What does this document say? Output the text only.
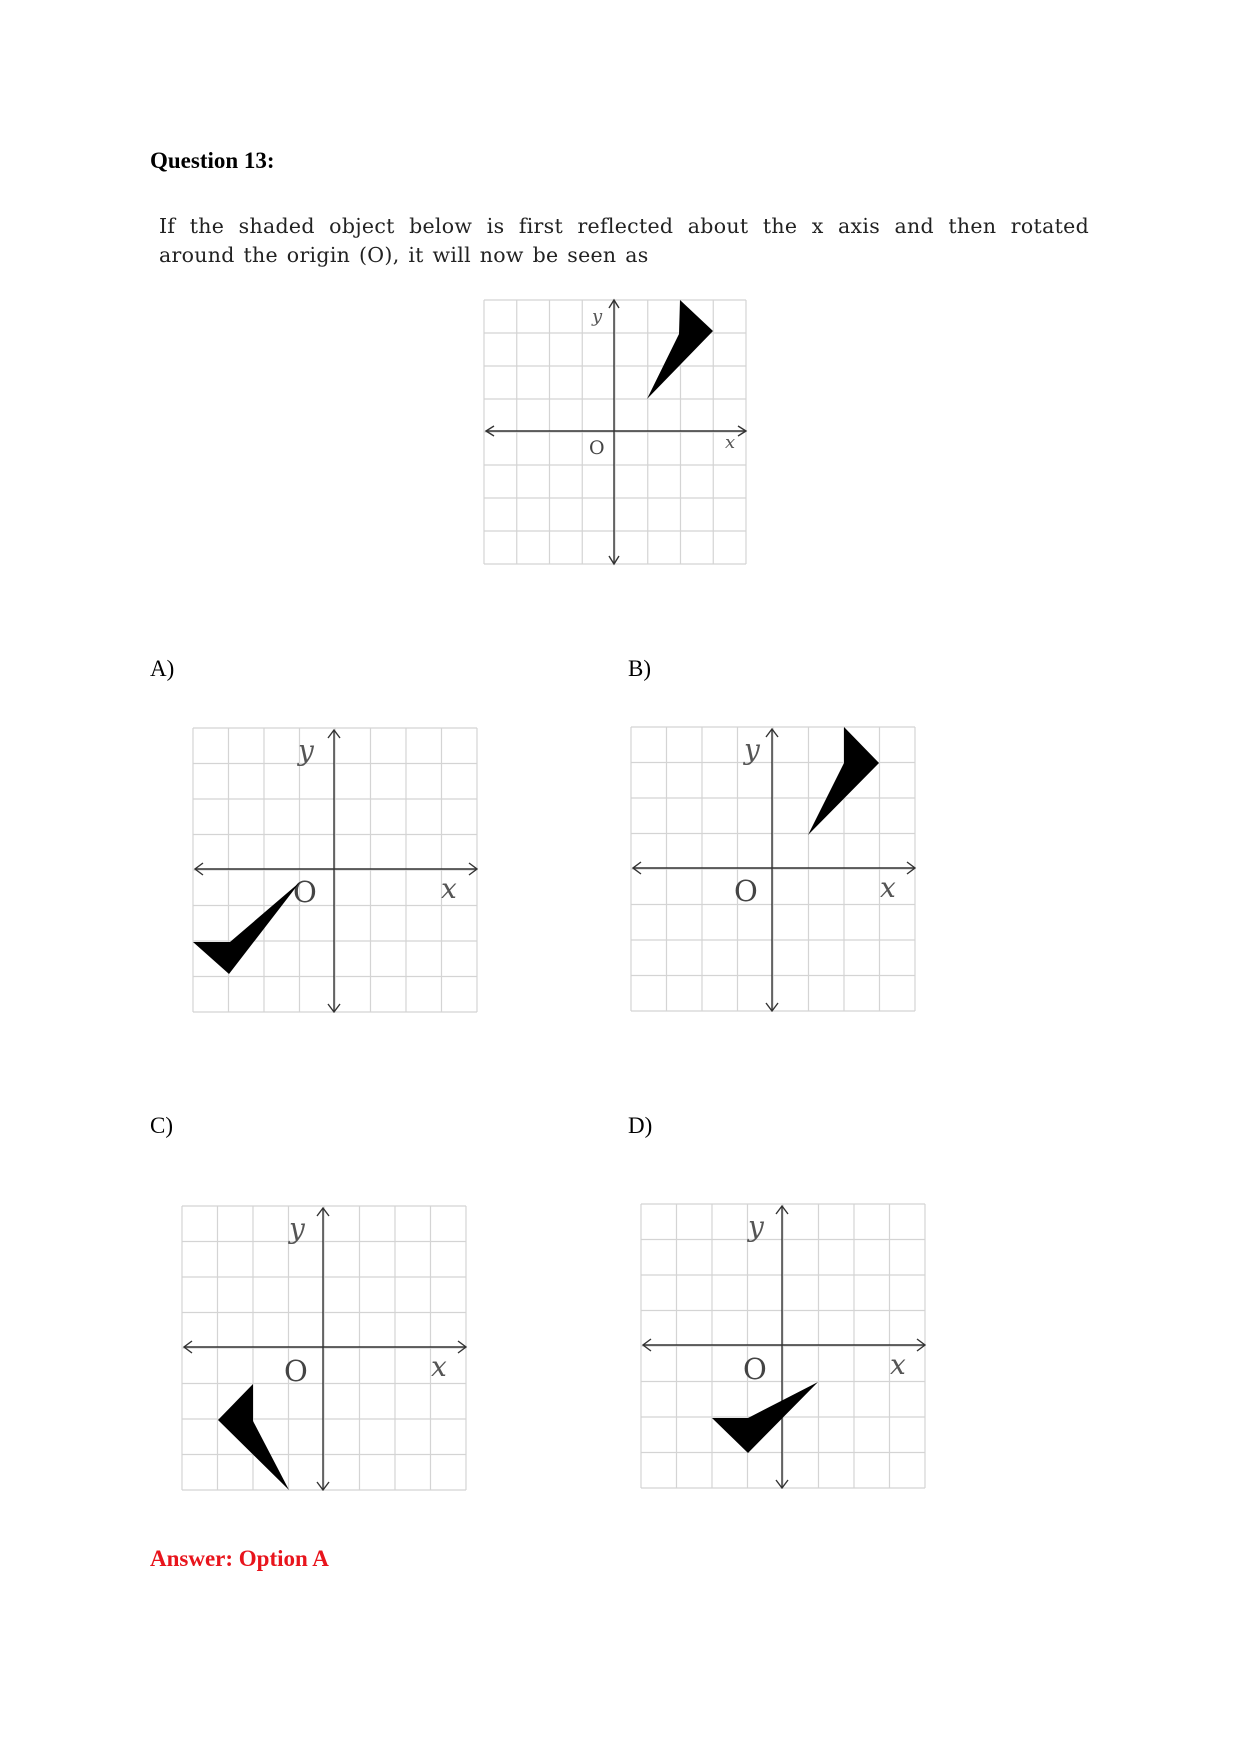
Question 13:
If the shaded object below is first reflected about the x axis and then rotated around the origin (O), it will now be seen as
y
x
O
A)
y
x
O
B)
y
x
O
C)
y
x
O
D)
y
x
O
Answer: Option A
